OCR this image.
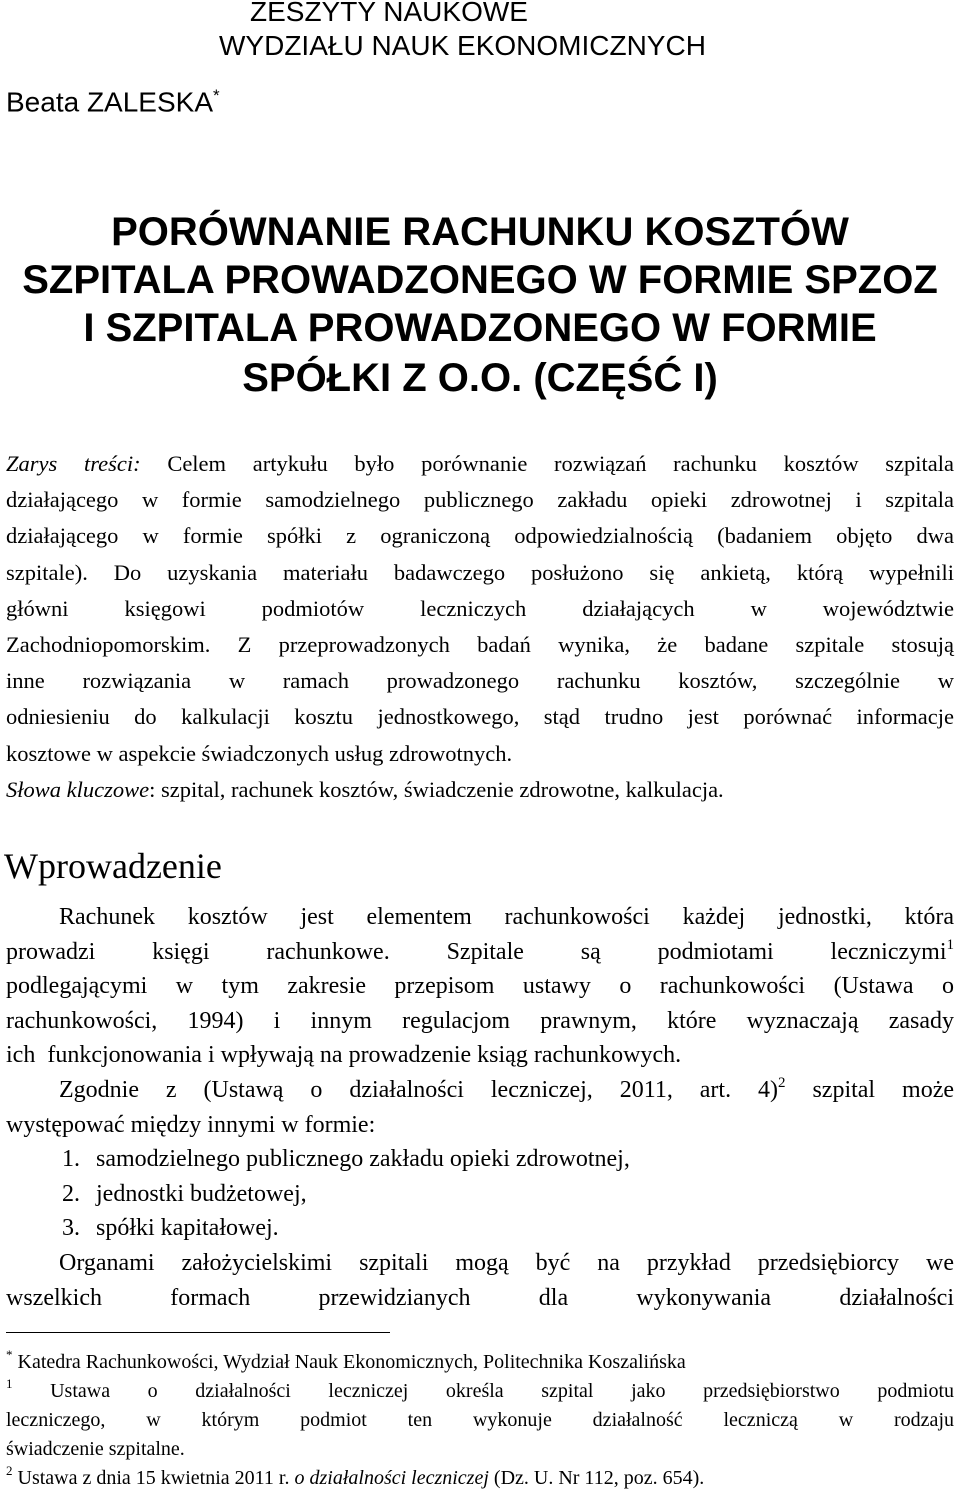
ZESZYTY NAUKOWE
WYDZIAŁU NAUK EKONOMICZNYCH
Beata ZALESKA*
PORÓWNANIE RACHUNKU KOSZTÓW
SZPITALA PROWADZONEGO W FORMIE SPZOZ
I SZPITALA PROWADZONEGO W FORMIE
SPÓŁKI Z O.O. (CZĘŚĆ I)
Zarys treści: Celem artykułu było porównanie rozwiązań rachunku kosztów szpitala
działającego w formie samodzielnego publicznego zakładu opieki zdrowotnej i szpitala
działającego w formie spółki z ograniczoną odpowiedzialnością (badaniem objęto dwa
szpitale). Do uzyskania materiału badawczego posłużono się ankietą, którą wypełnili
główni księgowi podmiotów leczniczych działających w województwie
Zachodniopomorskim. Z przeprowadzonych badań wynika, że badane szpitale stosują
inne rozwiązania w ramach prowadzonego rachunku kosztów, szczególnie w
odniesieniu do kalkulacji kosztu jednostkowego, stąd trudno jest porównać informacje
kosztowe w aspekcie świadczonych usług zdrowotnych.
Słowa kluczowe: szpital, rachunek kosztów, świadczenie zdrowotne, kalkulacja.
Wprowadzenie
Rachunek kosztów jest elementem rachunkowości każdej jednostki, która
prowadzi księgi rachunkowe. Szpitale są podmiotami leczniczymi$^1$
podlegającymi w tym zakresie przepisom ustawy o rachunkowości (Ustawa o
rachunkowości, 1994) i innym regulacjom prawnym, które wyznaczają zasady
ich  funkcjonowania i wpływają na prowadzenie ksiąg rachunkowych.
Zgodnie z (Ustawą o działalności leczniczej, 2011, art. 4)$^2$ szpital może
występować między innymi w formie:
1. samodzielnego publicznego zakładu opieki zdrowotnej,
2. jednostki budżetowej,
3. spółki kapitałowej.
Organami założycielskimi szpitali mogą być na przykład przedsiębiorcy we
wszelkich formach przewidzianych dla wykonywania działalności
* Katedra Rachunkowości, Wydział Nauk Ekonomicznych, Politechnika Koszalińska
$^1$ Ustawa o działalności leczniczej określa szpital jako przedsiębiorstwo podmiotu
leczniczego, w którym podmiot ten wykonuje działalność leczniczą w rodzaju
świadczenie szpitalne.
$^2$ Ustawa z dnia 15 kwietnia 2011 r. o działalności leczniczej (Dz. U. Nr 112, poz. 654).
